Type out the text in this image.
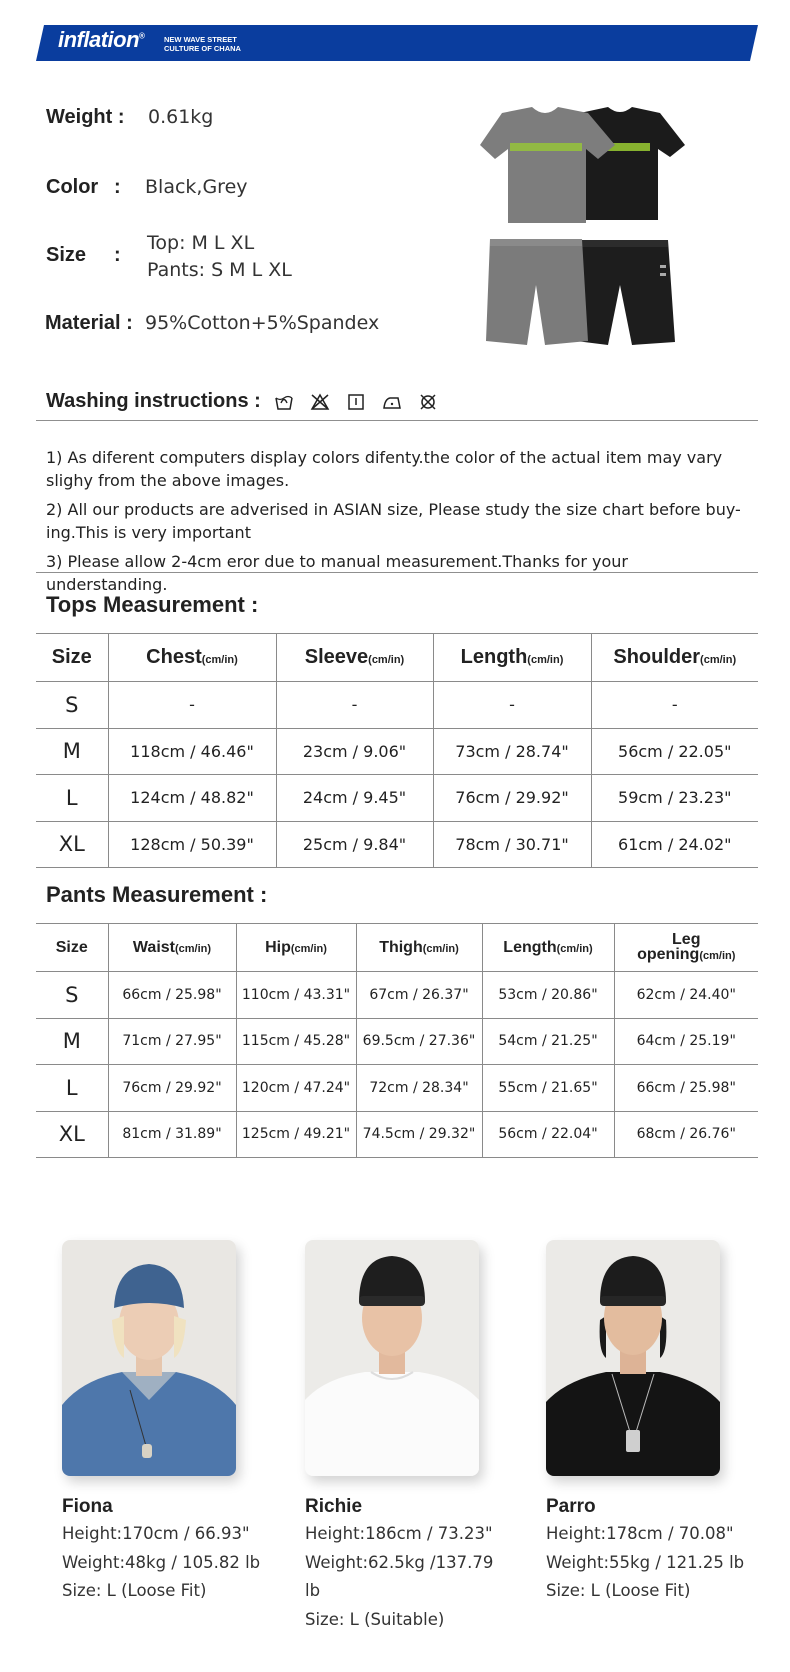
inflation®	NEW WAVE STREET
CULTURE OF CHANA
Weight : 0.61kg
Color : Black,Grey
Size :
Top: M L XL
Pants: S M L XL
Material : 95%Cotton+5%Spandex
Washing instructions :

1) As diferent computers display colors difenty.the color of the actual item may vary slighy from the above images.

2) All our products are adverised in ASIAN size, Please study the size chart before buy-ing.This is very important

3) Please allow 2-4cm eror due to manual measurement.Thanks for your understanding.

Tops Measurement :
Size	Chest(cm/in)	Sleeve(cm/in)	Length(cm/in)	Shoulder(cm/in)
S	-	-	-	-
M	118cm / 46.46"	23cm / 9.06"	73cm / 28.74"	56cm / 22.05"
L	124cm / 48.82"	24cm / 9.45"	76cm / 29.92"	59cm / 23.23"
XL	128cm / 50.39"	25cm / 9.84"	78cm / 30.71"	61cm / 24.02"
Pants Measurement :
Size	Waist(cm/in)	Hip(cm/in)	Thigh(cm/in)	Length(cm/in)	Leg
opening(cm/in)

S	66cm / 25.98"	110cm / 43.31"	67cm / 26.37"	53cm / 20.86"	62cm / 24.40"
M	71cm / 27.95"	115cm / 45.28"	69.5cm / 27.36"	54cm / 21.25"	64cm / 25.19"
L	76cm / 29.92"	120cm / 47.24"	72cm / 28.34"	55cm / 21.65"	66cm / 25.98"
XL	81cm / 31.89"	125cm / 49.21"	74.5cm / 29.32"	56cm / 22.04"	68cm / 26.76"
Fiona
Height:170cm / 66.93"
Weight:48kg / 105.82 lb
Size: L (Loose Fit)
Richie
Height:186cm / 73.23"
Weight:62.5kg /137.79 lb
Size: L (Suitable)
Parro
Height:178cm / 70.08"
Weight:55kg / 121.25 lb
Size: L (Loose Fit)
